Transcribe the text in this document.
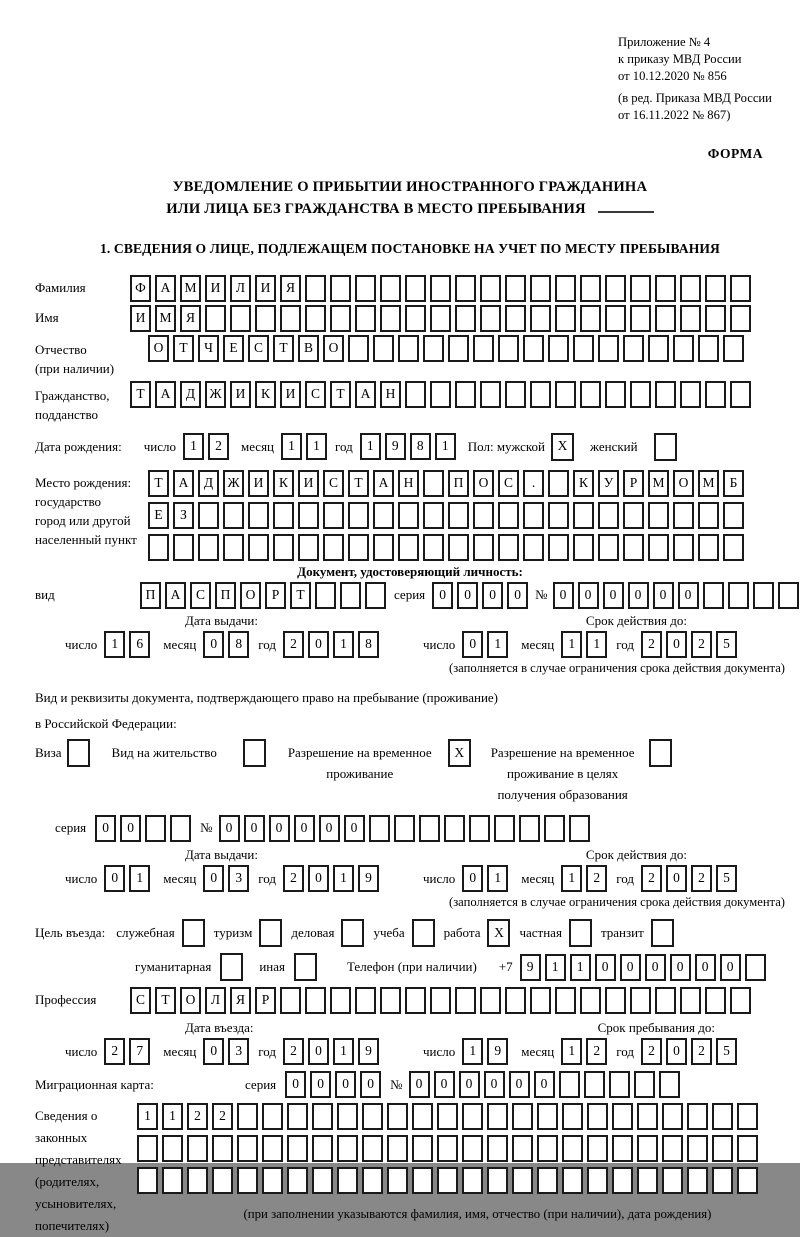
Приложение № 4
к приказу МВД России
от 10.12.2020 № 856
(в ред. Приказа МВД России
от 16.11.2022 № 867)
ФОРМА
УВЕДОМЛЕНИЕ О ПРИБЫТИИ ИНОСТРАННОГО ГРАЖДАНИНА
ИЛИ ЛИЦА БЕЗ ГРАЖДАНСТВА В МЕСТО ПРЕБЫВАНИЯ
1. СВЕДЕНИЯ О ЛИЦЕ, ПОДЛЕЖАЩЕМ ПОСТАНОВКЕ НА УЧЕТ ПО МЕСТУ ПРЕБЫВАНИЯ
Фамилия	Ф	А	М	И	Л	И	Я
Имя	И	М	Я
Отчество
(при наличии)
О	Т	Ч	Е	С	Т	В	О
Гражданство,
подданство
Т	А	Д	Ж	И	К	И	С	Т	А	Н
Дата рождения: число	1	2	месяц	1	1	год	1	9	8	1	Пол: мужской X	женский
Место рождения:
государство
город или другой
населенный пункт
Т	А	Д	Ж	И	К	И	С	Т	А	Н	П	О	С	.	К	У	Р	М	О	М	Б
Е	З
Документ, удостоверяющий личность:
вид	П	А	С	П	О	Р	Т	серия	0	0	0	0	№ 0	0	0	0	0	0
Дата выдачи:	Срок действия до:
число	1	6	месяц	0	8	год	2	0	1	8	число	0	1	месяц	1	1	год	2	0	2	5
(заполняется в случае ограничения срока действия документа)
Вид и реквизиты документа, подтверждающего право на пребывание (проживание)
в Российской Федерации:
Виза	Вид на жительство	Разрешение на временное
проживание
X	Разрешение на временное
проживание в целях
получения образования
серия	0	0	№ 0	0	0	0	0	0
Дата выдачи:	Срок действия до:
число	0	1	месяц	0	3	год	2	0	1	9	число	0	1	месяц	1	2	год	2	0	2	5
(заполняется в случае ограничения срока действия документа)
Цель въезда: служебная	туризм	деловая	учеба	работа	X	частная	транзит
гуманитарная	иная	Телефон (при наличии) +7	9	1	1	0	0	0	0	0	0
Профессия	С	Т	О	Л	Я	Р
Дата въезда:	Срок пребывания до:
число	2	7	месяц	0	3	год	2	0	1	9	число	1	9	месяц	1	2	год	2	0	2	5
Миграционная карта:	серия	0	0	0	0	№ 0	0	0	0	0	0
Сведения о
законных
представителях
(родителях,
усыновителях,
попечителях)
1	1	2	2
(при заполнении указываются фамилия, имя, отчество (при наличии), дата рождения)
